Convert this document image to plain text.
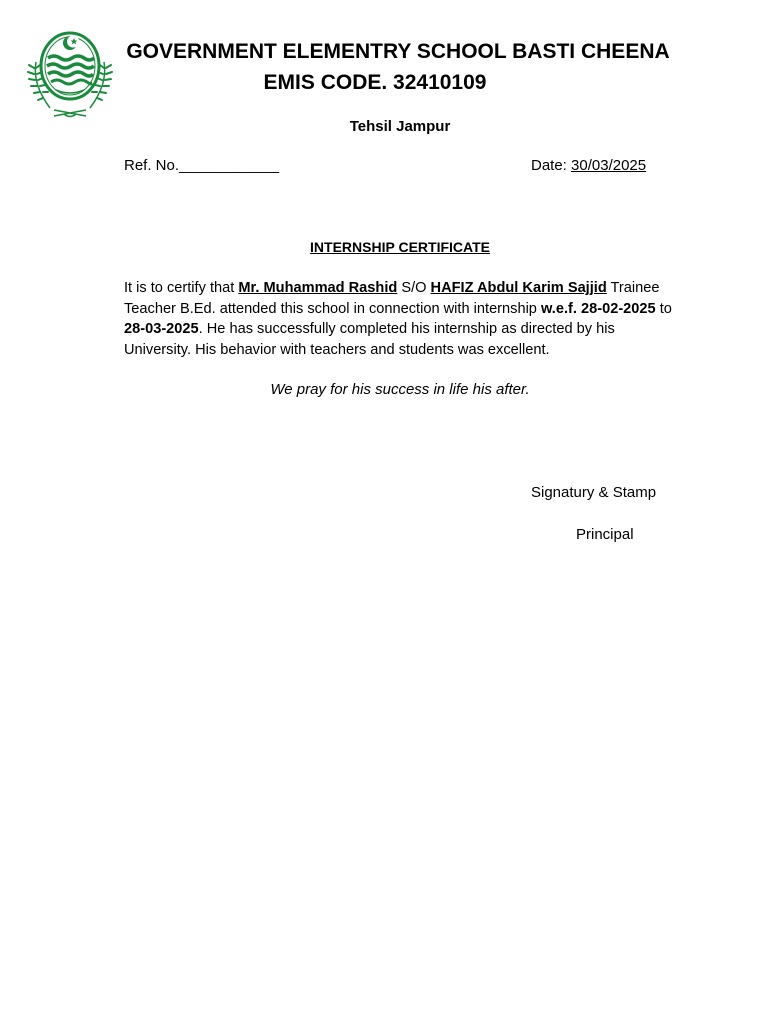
GOVERNMENT ELEMENTRY SCHOOL BASTI CHEENA
EMIS CODE. 32410109
Tehsil Jampur
Ref. No.____________	Date: 30/03/2025
INTERNSHIP CERTIFICATE

It is to certify that Mr. Muhammad Rashid S/O HAFIZ Abdul Karim Sajjid Trainee Teacher B.Ed. attended this school in connection with internship w.e.f. 28-02-2025 to 28-03-2025. He has successfully completed his internship as directed by his University. His behavior with teachers and students was excellent.

We pray for his success in life his after.
Signatury & Stamp
Principal
